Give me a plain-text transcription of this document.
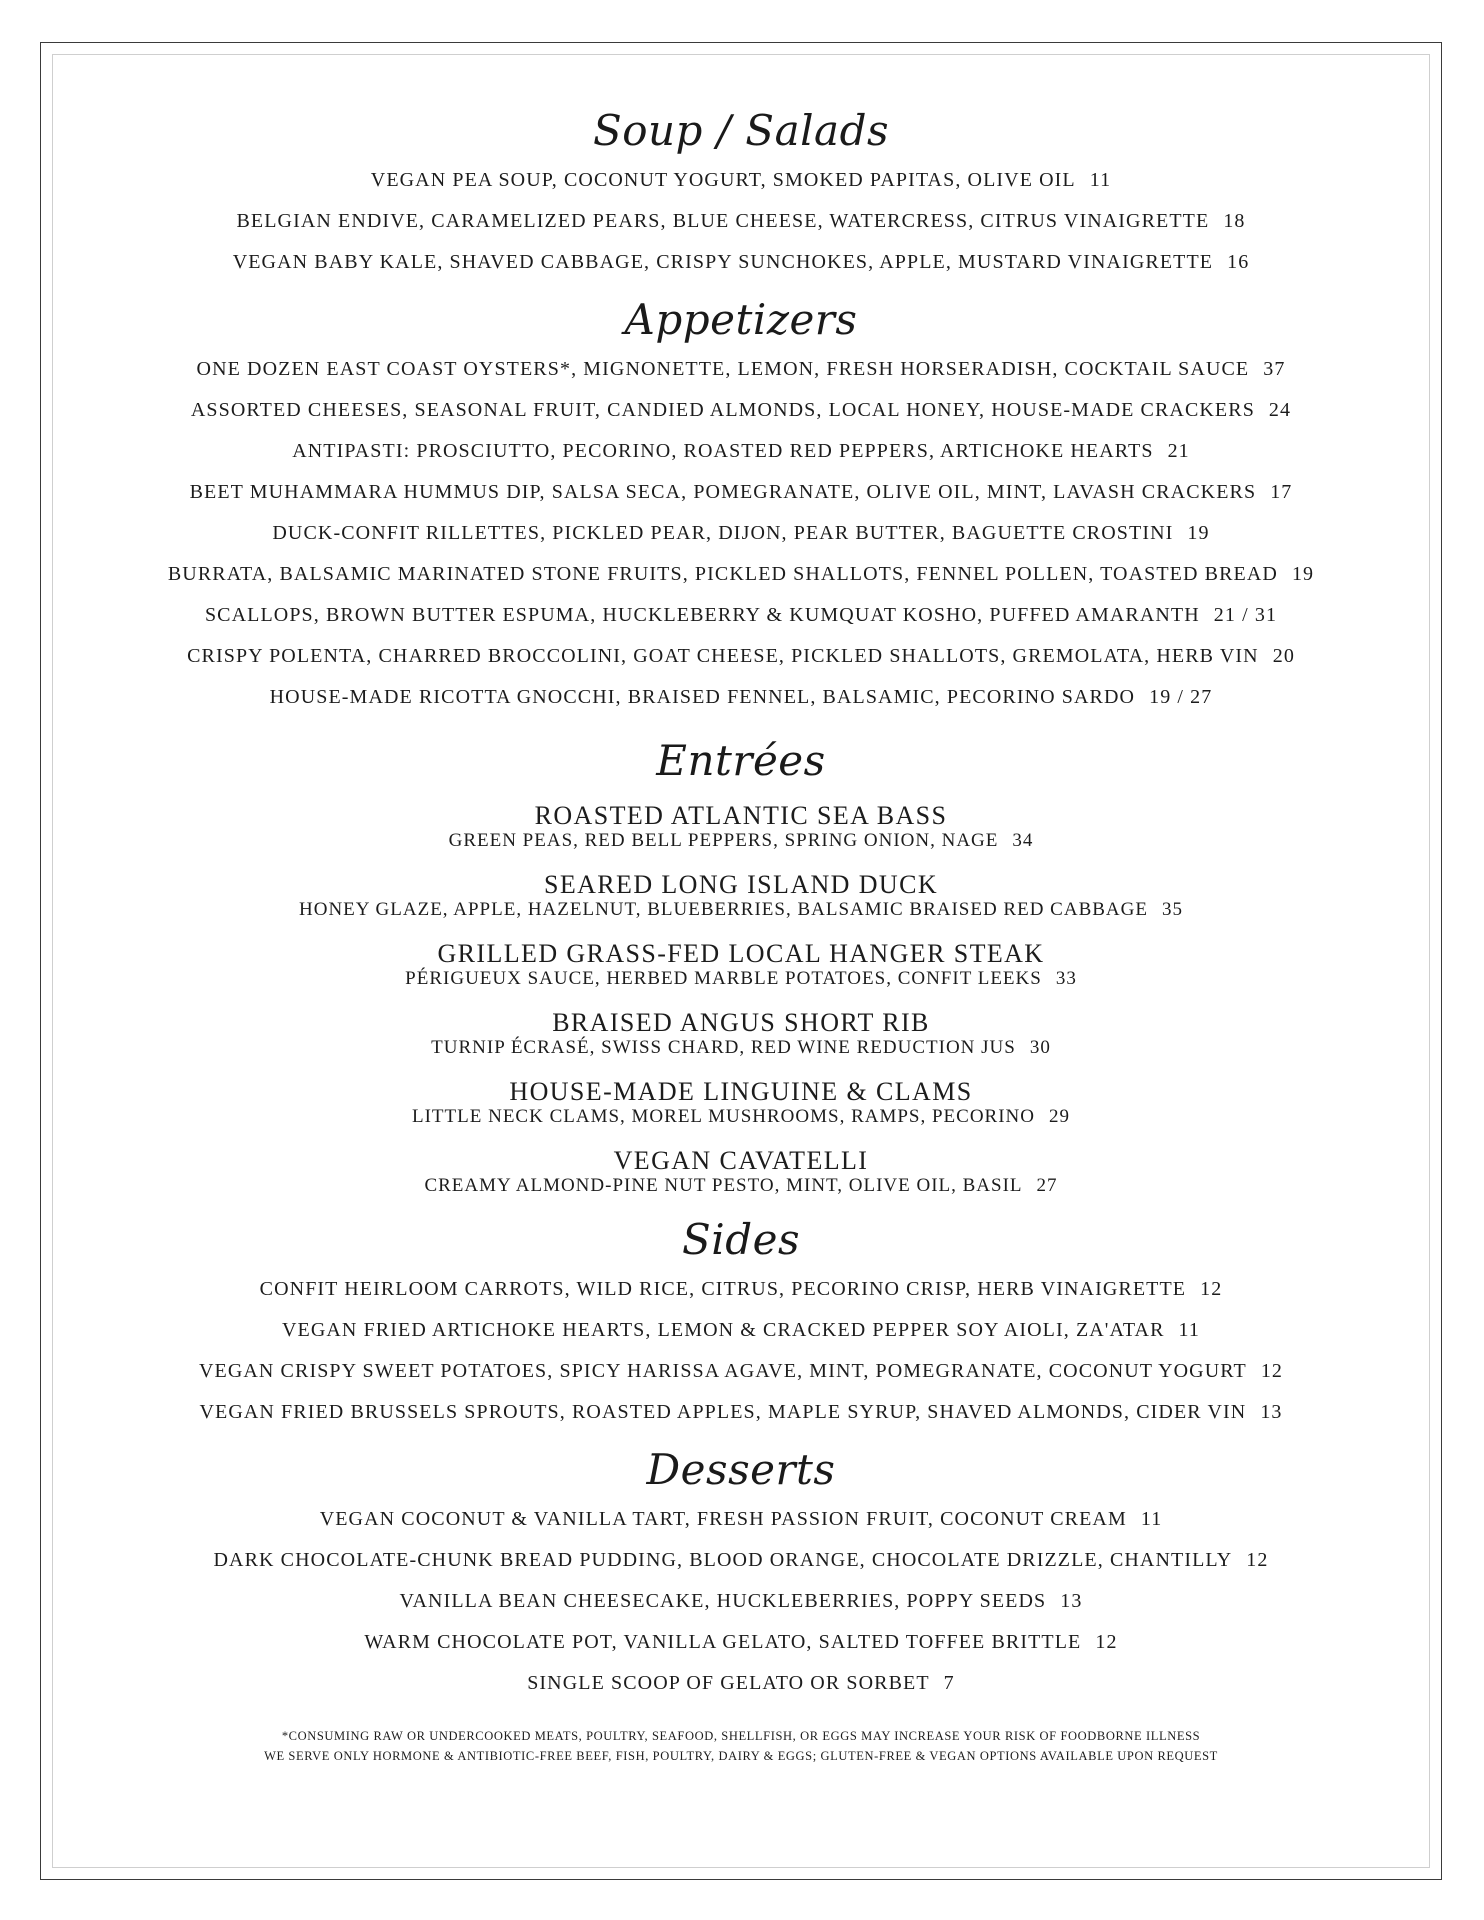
Soup / Salads
VEGAN PEA SOUP, COCONUT YOGURT, SMOKED PAPITAS, OLIVE OIL 11
BELGIAN ENDIVE, CARAMELIZED PEARS, BLUE CHEESE, WATERCRESS, CITRUS VINAIGRETTE 18
VEGAN BABY KALE, SHAVED CABBAGE, CRISPY SUNCHOKES, APPLE, MUSTARD VINAIGRETTE 16
Appetizers
ONE DOZEN EAST COAST OYSTERS*, MIGNONETTE, LEMON, FRESH HORSERADISH, COCKTAIL SAUCE 37
ASSORTED CHEESES, SEASONAL FRUIT, CANDIED ALMONDS, LOCAL HONEY, HOUSE-MADE CRACKERS 24
ANTIPASTI: PROSCIUTTO, PECORINO, ROASTED RED PEPPERS, ARTICHOKE HEARTS 21
BEET MUHAMMARA HUMMUS DIP, SALSA SECA, POMEGRANATE, OLIVE OIL, MINT, LAVASH CRACKERS 17
DUCK-CONFIT RILLETTES, PICKLED PEAR, DIJON, PEAR BUTTER, BAGUETTE CROSTINI 19
BURRATA, BALSAMIC MARINATED STONE FRUITS, PICKLED SHALLOTS, FENNEL POLLEN, TOASTED BREAD 19
SCALLOPS, BROWN BUTTER ESPUMA, HUCKLEBERRY & KUMQUAT KOSHO, PUFFED AMARANTH 21 / 31
CRISPY POLENTA, CHARRED BROCCOLINI, GOAT CHEESE, PICKLED SHALLOTS, GREMOLATA, HERB VIN 20
HOUSE-MADE RICOTTA GNOCCHI, BRAISED FENNEL, BALSAMIC, PECORINO SARDO 19 / 27
Entrées
ROASTED ATLANTIC SEA BASS
GREEN PEAS, RED BELL PEPPERS, SPRING ONION, NAGE 34
SEARED LONG ISLAND DUCK
HONEY GLAZE, APPLE, HAZELNUT, BLUEBERRIES, BALSAMIC BRAISED RED CABBAGE 35
GRILLED GRASS-FED LOCAL HANGER STEAK
PÉRIGUEUX SAUCE, HERBED MARBLE POTATOES, CONFIT LEEKS 33
BRAISED ANGUS SHORT RIB
TURNIP ÉCRASÉ, SWISS CHARD, RED WINE REDUCTION JUS 30
HOUSE-MADE LINGUINE & CLAMS
LITTLE NECK CLAMS, MOREL MUSHROOMS, RAMPS, PECORINO 29
VEGAN CAVATELLI
CREAMY ALMOND-PINE NUT PESTO, MINT, OLIVE OIL, BASIL 27
Sides
CONFIT HEIRLOOM CARROTS, WILD RICE, CITRUS, PECORINO CRISP, HERB VINAIGRETTE 12
VEGAN FRIED ARTICHOKE HEARTS, LEMON & CRACKED PEPPER SOY AIOLI, ZA'ATAR 11
VEGAN CRISPY SWEET POTATOES, SPICY HARISSA AGAVE, MINT, POMEGRANATE, COCONUT YOGURT 12
VEGAN FRIED BRUSSELS SPROUTS, ROASTED APPLES, MAPLE SYRUP, SHAVED ALMONDS, CIDER VIN 13
Desserts
VEGAN COCONUT & VANILLA TART, FRESH PASSION FRUIT, COCONUT CREAM 11
DARK CHOCOLATE-CHUNK BREAD PUDDING, BLOOD ORANGE, CHOCOLATE DRIZZLE, CHANTILLY 12
VANILLA BEAN CHEESECAKE, HUCKLEBERRIES, POPPY SEEDS 13
WARM CHOCOLATE POT, VANILLA GELATO, SALTED TOFFEE BRITTLE 12
SINGLE SCOOP OF GELATO OR SORBET 7
*CONSUMING RAW OR UNDERCOOKED MEATS, POULTRY, SEAFOOD, SHELLFISH, OR EGGS MAY INCREASE YOUR RISK OF FOODBORNE ILLNESS
WE SERVE ONLY HORMONE & ANTIBIOTIC-FREE BEEF, FISH, POULTRY, DAIRY & EGGS; GLUTEN-FREE & VEGAN OPTIONS AVAILABLE UPON REQUEST
